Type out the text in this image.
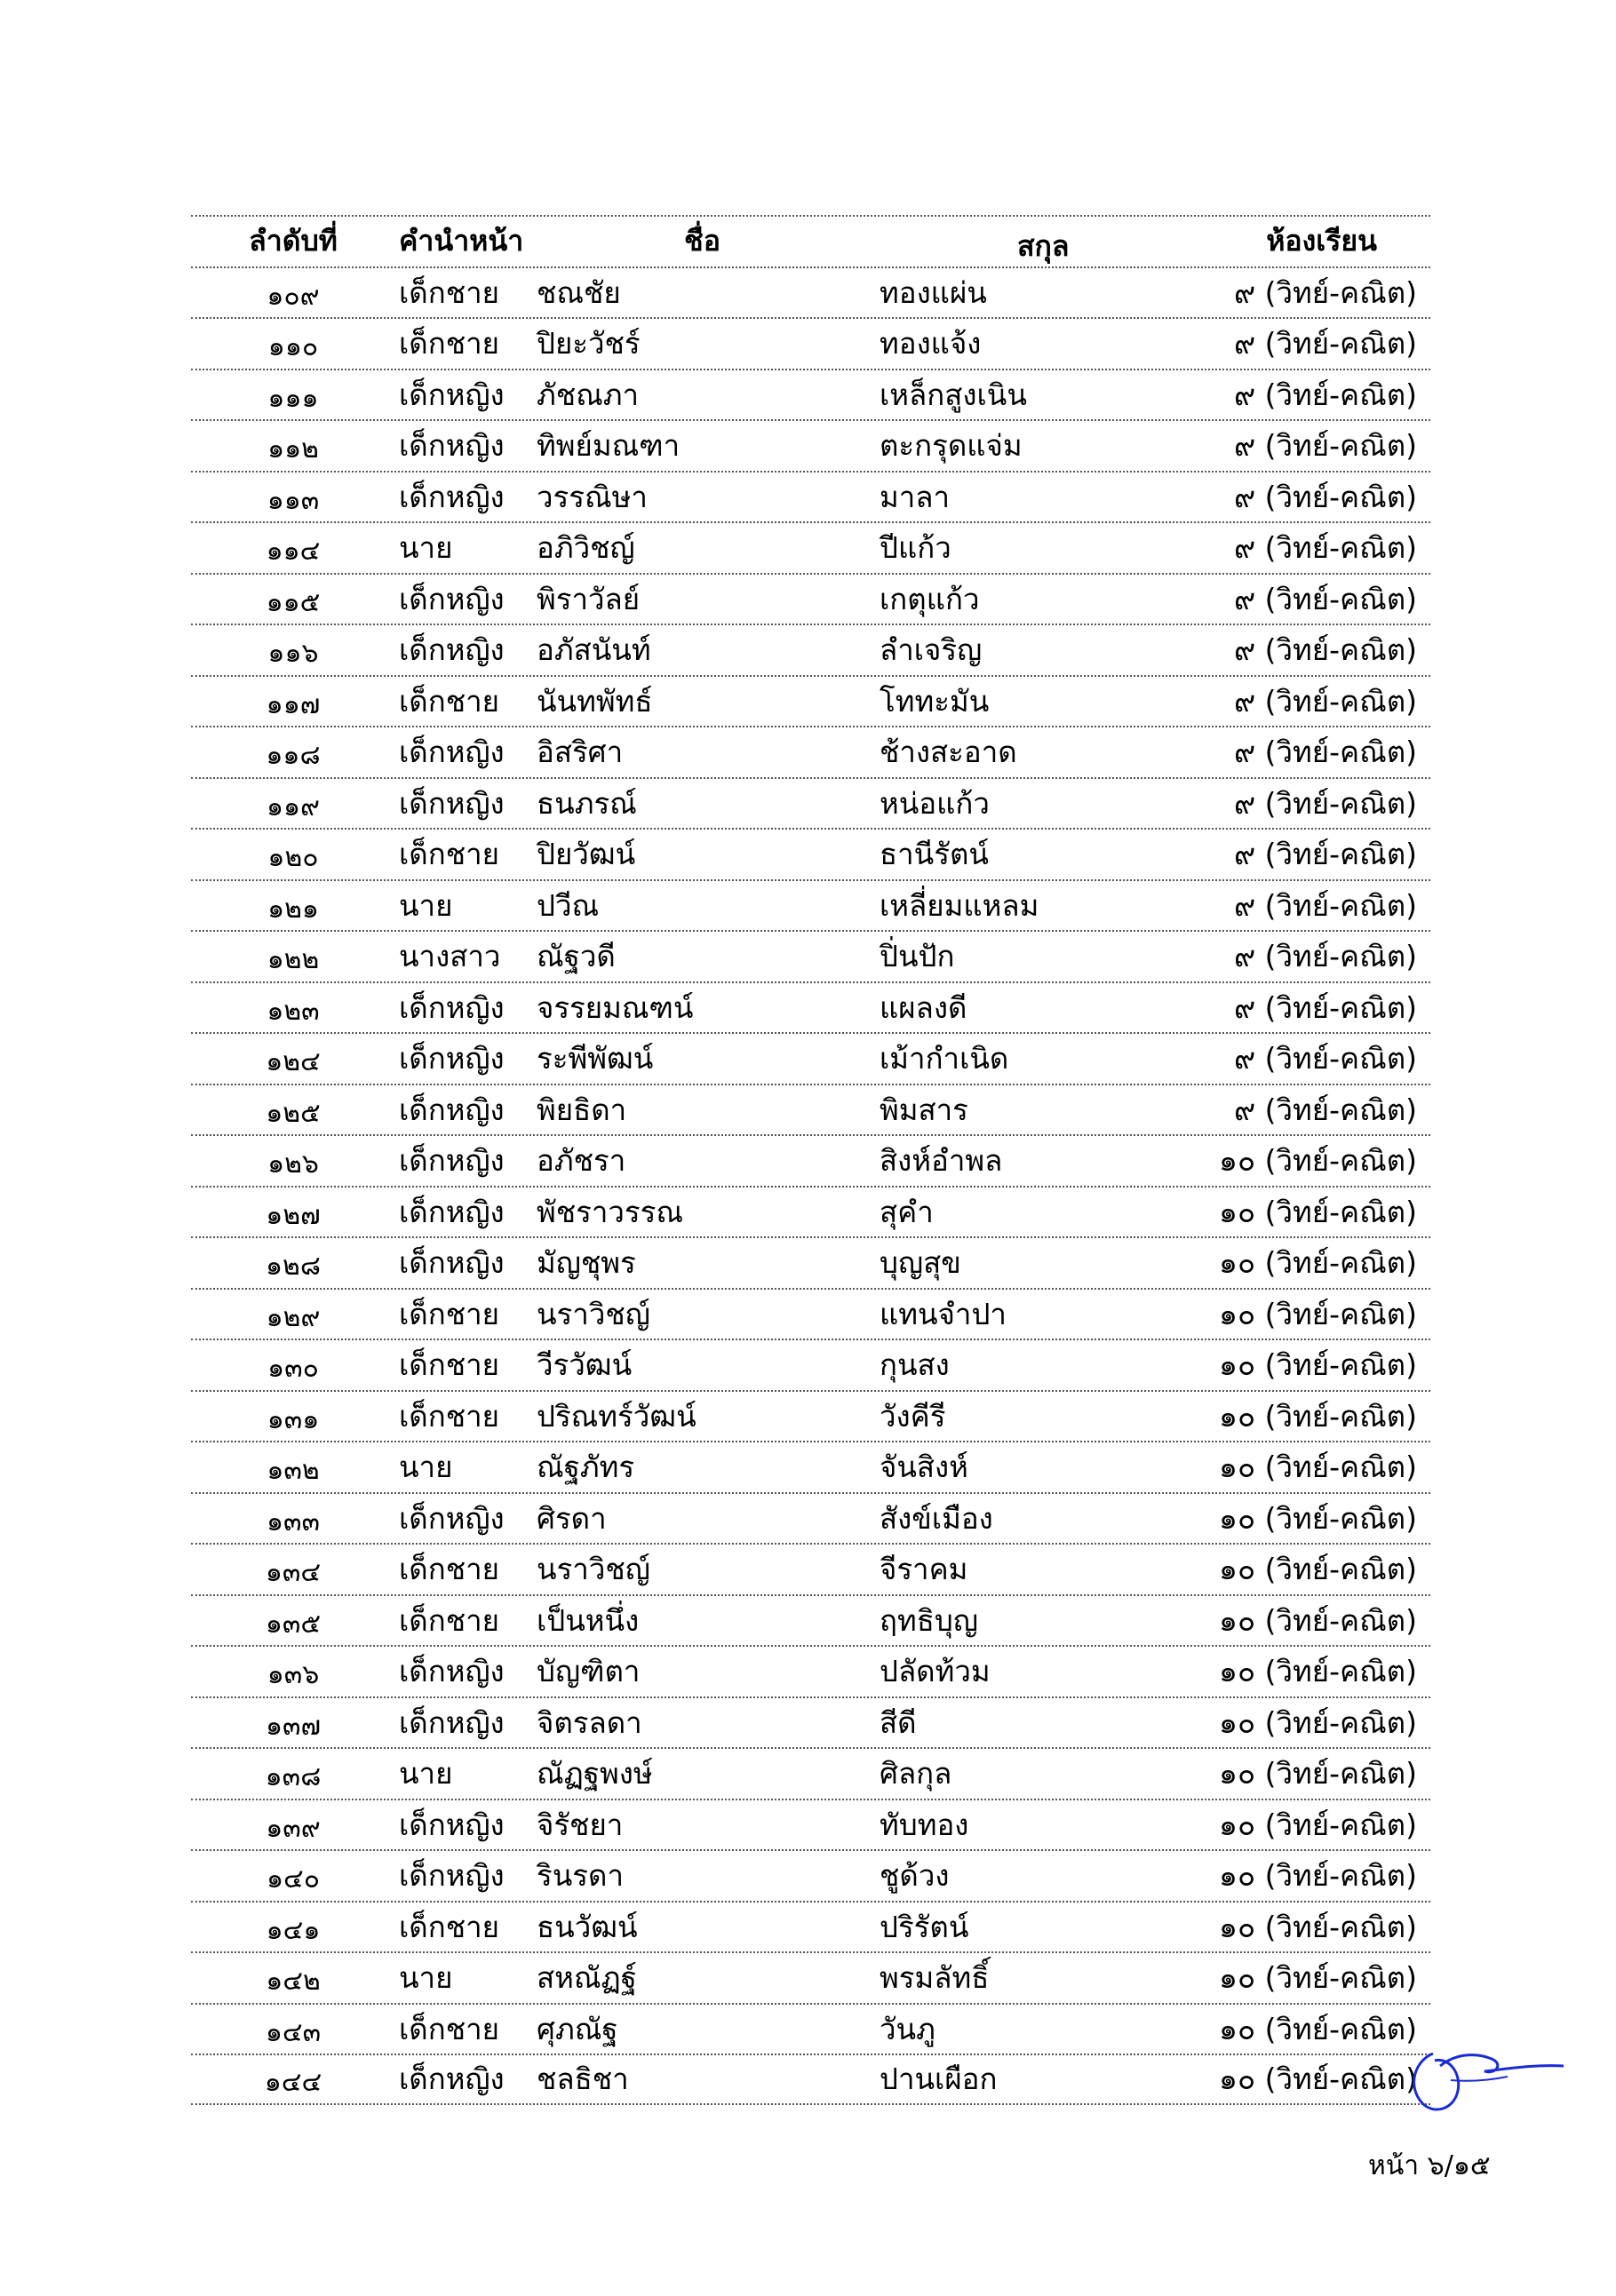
ลำดับที่	คำนำหน้า	ชื่อ	สกุล	ห้องเรียน
๑๐๙	เด็กชาย ชณชัย	ทองแผ่น	๙ (วิทย์-คณิต)
๑๑๐	เด็กชาย ปิยะวัชร์	ทองแจ้ง	๙ (วิทย์-คณิต)
๑๑๑	เด็กหญิง ภัชณภา	เหล็กสูงเนิน	๙ (วิทย์-คณิต)
๑๑๒	เด็กหญิง ทิพย์มณฑา	ตะกรุดแจ่ม	๙ (วิทย์-คณิต)
๑๑๓	เด็กหญิง วรรณิษา	มาลา	๙ (วิทย์-คณิต)
๑๑๔	นาย	อภิวิชญ์	ปีแก้ว	๙ (วิทย์-คณิต)
๑๑๕	เด็กหญิง พิราวัลย์	เกตุแก้ว	๙ (วิทย์-คณิต)
๑๑๖	เด็กหญิง อภัสนันท์	ลำเจริญ	๙ (วิทย์-คณิต)
๑๑๗	เด็กชาย นันทพัทธ์	โททะมัน	๙ (วิทย์-คณิต)
๑๑๘	เด็กหญิง อิสริศา	ช้างสะอาด	๙ (วิทย์-คณิต)
๑๑๙	เด็กหญิง ธนภรณ์	หน่อแก้ว	๙ (วิทย์-คณิต)
๑๒๐	เด็กชาย ปิยวัฒน์	ธานีรัตน์	๙ (วิทย์-คณิต)
๑๒๑	นาย	ปวีณ	เหลี่ยมแหลม	๙ (วิทย์-คณิต)
๑๒๒	นางสาว ณัฐวดี	ปิ่นปัก	๙ (วิทย์-คณิต)
๑๒๓	เด็กหญิง จรรยมณฑน์	แผลงดี	๙ (วิทย์-คณิต)
๑๒๔	เด็กหญิง ระพีพัฒน์	เม้ากำเนิด	๙ (วิทย์-คณิต)
๑๒๕	เด็กหญิง พิยธิดา	พิมสาร	๙ (วิทย์-คณิต)
๑๒๖	เด็กหญิง อภัชรา	สิงห์อำพล	๑๐ (วิทย์-คณิต)
๑๒๗	เด็กหญิง พัชราวรรณ	สุคำ	๑๐ (วิทย์-คณิต)
๑๒๘	เด็กหญิง มัญชุพร	บุญสุข	๑๐ (วิทย์-คณิต)
๑๒๙	เด็กชาย นราวิชญ์	แทนจำปา	๑๐ (วิทย์-คณิต)
๑๓๐	เด็กชาย วีรวัฒน์	กุนสง	๑๐ (วิทย์-คณิต)
๑๓๑	เด็กชาย ปริณทร์วัฒน์	วังคีรี	๑๐ (วิทย์-คณิต)
๑๓๒	นาย	ณัฐภัทร	จันสิงห์	๑๐ (วิทย์-คณิต)
๑๓๓	เด็กหญิง ศิรดา	สังข์เมือง	๑๐ (วิทย์-คณิต)
๑๓๔	เด็กชาย นราวิชญ์	จีราคม	๑๐ (วิทย์-คณิต)
๑๓๕	เด็กชาย เป็นหนึ่ง	ฤทธิบุญ	๑๐ (วิทย์-คณิต)
๑๓๖	เด็กหญิง บัญฑิตา	ปลัดท้วม	๑๐ (วิทย์-คณิต)
๑๓๗	เด็กหญิง จิตรลดา	สีดี	๑๐ (วิทย์-คณิต)
๑๓๘	นาย	ณัฏฐพงษ์	ศิลกุล	๑๐ (วิทย์-คณิต)
๑๓๙	เด็กหญิง จิรัชยา	ทับทอง	๑๐ (วิทย์-คณิต)
๑๔๐	เด็กหญิง รินรดา	ชูด้วง	๑๐ (วิทย์-คณิต)
๑๔๑	เด็กชาย ธนวัฒน์	ปริรัตน์	๑๐ (วิทย์-คณิต)
๑๔๒	นาย	สหณัฏฐ์	พรมลัทธิ์	๑๐ (วิทย์-คณิต)
๑๔๓	เด็กชาย ศุภณัฐ	วันภู	๑๐ (วิทย์-คณิต)
๑๔๔	เด็กหญิง ชลธิชา	ปานเผือก	๑๐ (วิทย์-คณิต)
หน้า ๖/๑๕
